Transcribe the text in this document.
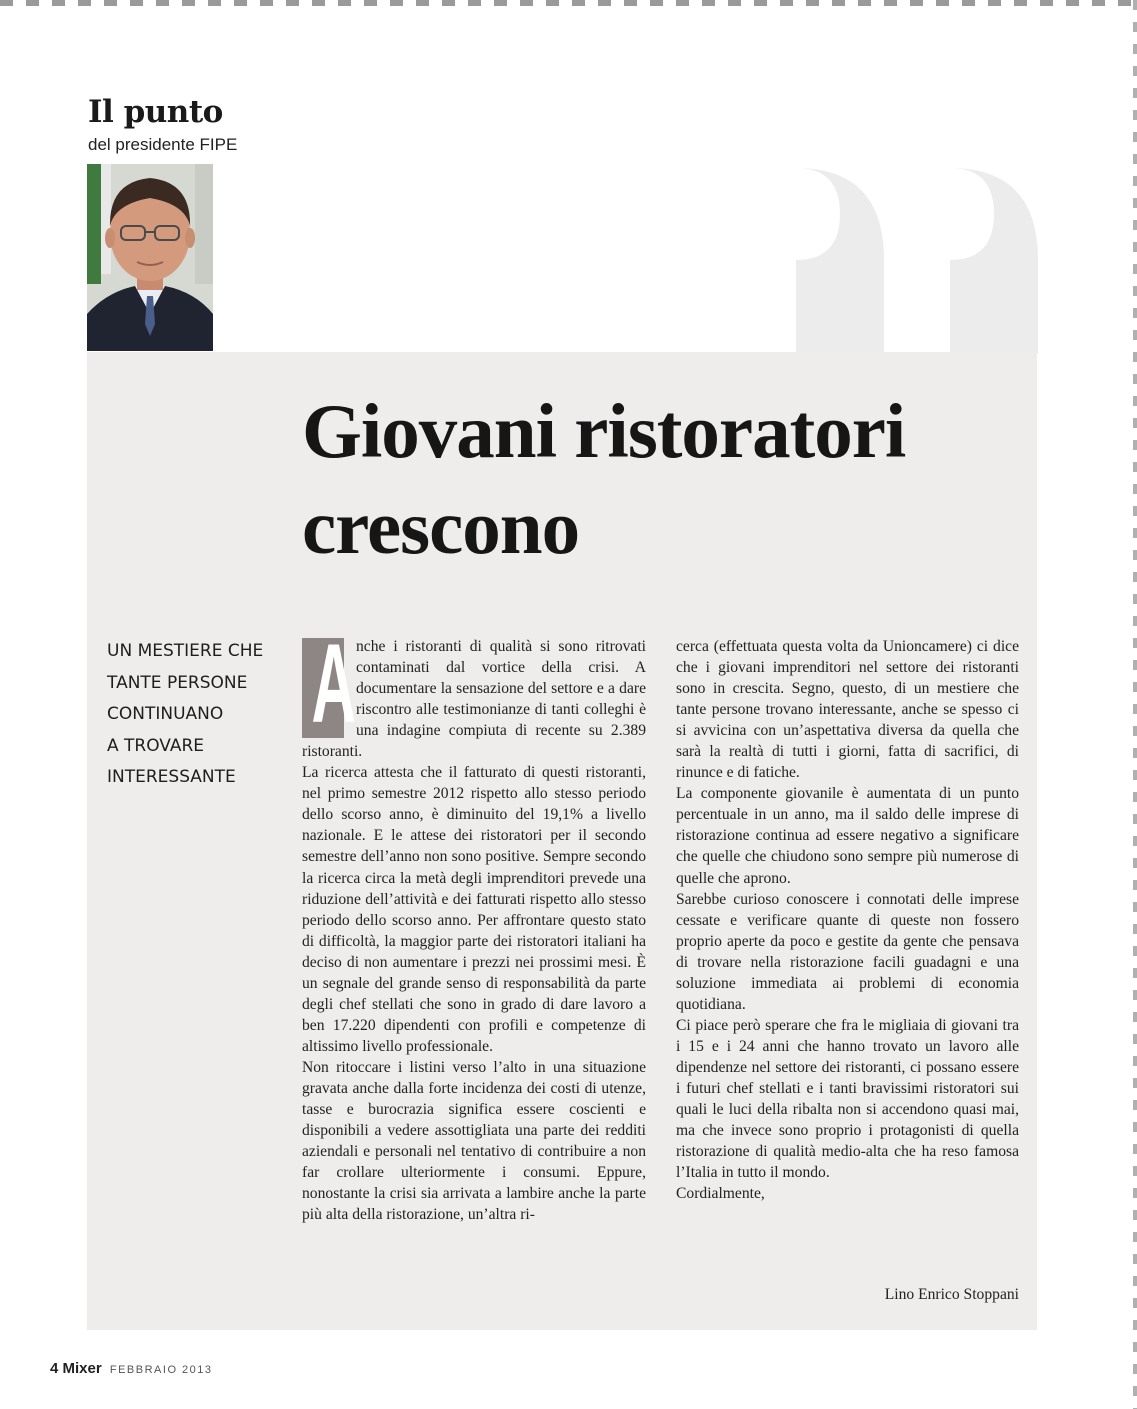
Il punto
del presidente FIPE
Giovani ristoratori
crescono
UN MESTIERE CHE
TANTE PERSONE
CONTINUANO
A TROVARE
INTERESSANTE
A nche i ristoranti di qualità si sono ritrovati contaminati dal vortice della crisi. A documentare la sensazione del settore e a dare riscontro alle testimonianze di tanti colleghi è una indagine compiuta di recente su 2.389 ristoranti.

La ricerca attesta che il fatturato di questi ristoranti, nel primo semestre 2012 rispetto allo stesso periodo dello scorso anno, è diminuito del 19,1% a livello nazionale. E le attese dei ristoratori per il secondo semestre dell’anno non sono positive. Sempre secondo la ricerca circa la metà degli imprenditori prevede una riduzione dell’attività e dei fatturati rispetto allo stesso periodo dello scorso anno. Per affrontare questo stato di difficoltà, la maggior parte dei ristoratori italiani ha deciso di non aumentare i prezzi nei prossimi mesi. È un segnale del grande senso di responsabilità da parte degli chef stellati che sono in grado di dare lavoro a ben 17.220 dipendenti con profili e competenze di altissimo livello professionale.

Non ritoccare i listini verso l’alto in una situazione gravata anche dalla forte incidenza dei costi di utenze, tasse e burocrazia significa essere coscienti e disponibili a vedere assottigliata una parte dei redditi aziendali e personali nel tentativo di contribuire a non far crollare ulteriormente i consumi. Eppure, nonostante la crisi sia arrivata a lambire anche la parte più alta della ristorazione, un’altra ri-

cerca (effettuata questa volta da Unioncamere) ci dice che i giovani imprenditori nel settore dei ristoranti sono in crescita. Segno, questo, di un mestiere che tante persone trovano interessante, anche se spesso ci si avvicina con un’aspettativa diversa da quella che sarà la realtà di tutti i giorni, fatta di sacrifici, di rinunce e di fatiche.

La componente giovanile è aumentata di un punto percentuale in un anno, ma il saldo delle imprese di ristorazione continua ad essere negativo a significare che quelle che chiudono sono sempre più numerose di quelle che aprono.

Sarebbe curioso conoscere i connotati delle imprese cessate e verificare quante di queste non fossero proprio aperte da poco e gestite da gente che pensava di trovare nella ristorazione facili guadagni e una soluzione immediata ai problemi di economia quotidiana.

Ci piace però sperare che fra le migliaia di giovani tra i 15 e i 24 anni che hanno trovato un lavoro alle dipendenze nel settore dei ristoranti, ci possano essere i futuri chef stellati e i tanti bravissimi ristoratori sui quali le luci della ribalta non si accendono quasi mai, ma che invece sono proprio i protagonisti di quella ristorazione di qualità medio-alta che ha reso famosa l’Italia in tutto il mondo.

Cordialmente,

Lino Enrico Stoppani
4 Mixer FEBBRAIO 2013
